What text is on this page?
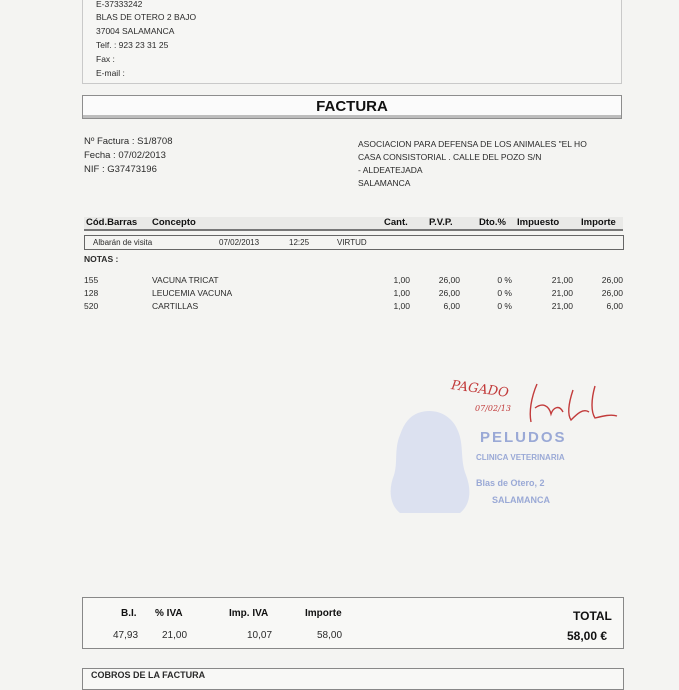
E-37333242
BLAS DE OTERO 2 BAJO
37004 SALAMANCA
Telf. : 923 23 31 25
Fax :
E-mail :
FACTURA
Nº Factura : S1/8708
Fecha : 07/02/2013
NIF : G37473196
ASOCIACION PARA DEFENSA DE LOS ANIMALES "EL HO
CASA CONSISTORIAL . CALLE DEL POZO S/N
- ALDEATEJADA
SALAMANCA
Cód.Barras Concepto	Cant. P.V.P.	Dto.% Impuesto Importe
Albarán de visita	07/02/2013	12:25	VIRTUD
NOTAS :
155	VACUNA TRICAT	1,00	26,00	0 %	21,00	26,00
128	LEUCEMIA VACUNA	1,00	26,00	0 %	21,00	26,00
520	CARTILLAS	1,00	6,00	0 %	21,00	6,00
PELUDOS
CLINICA VETERINARIA
Blas de Otero, 2
SALAMANCA
PAGADO
07/02/13
B.I. % IVA	Imp. IVA	Importe	TOTAL
47,93 21,00	10,07	58,00	58,00 €
COBROS DE LA FACTURA
